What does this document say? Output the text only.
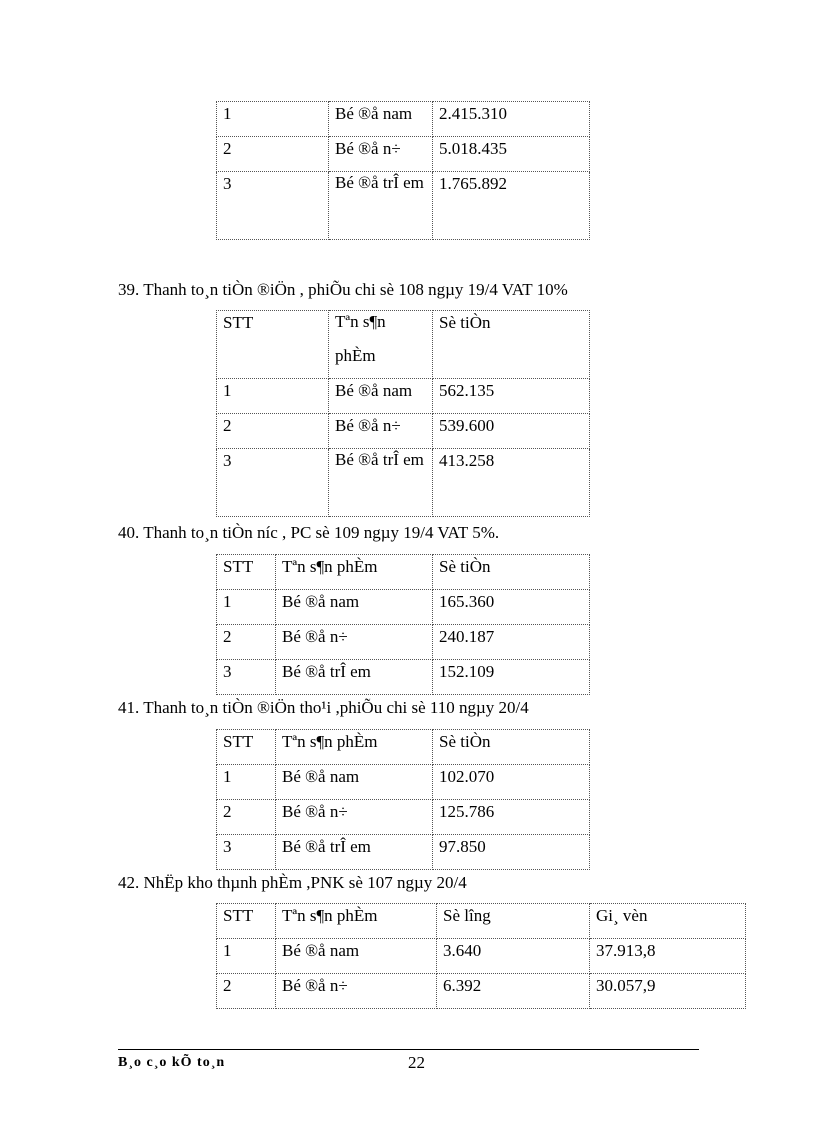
1	Bé ®å nam	2.415.310
2	Bé ®å n÷	5.018.435
3	Bé ®å trÎ em	1.765.892
39. Thanh to¸n tiÒn ®iÖn , phiÕu chi sè 108 ngµy 19/4 VAT 10%
STT	Tªn s¶n phÈm	Sè tiÒn
1	Bé ®å nam	562.135
2	Bé ®å n÷	539.600
3	Bé ®å trÎ em	413.258
40. Thanh to¸n tiÒn níc , PC sè 109 ngµy 19/4 VAT 5%.
STT	Tªn s¶n phÈm	Sè tiÒn
1	Bé ®å nam	165.360
2	Bé ®å n÷	240.187
3	Bé ®å trÎ em	152.109
41. Thanh to¸n tiÒn ®iÖn tho¹i ,phiÕu chi sè 110 ngµy 20/4
STT	Tªn s¶n phÈm	Sè tiÒn
1	Bé ®å nam	102.070
2	Bé ®å n÷	125.786
3	Bé ®å trÎ em	97.850
42. NhËp kho thµnh phÈm ,PNK sè 107 ngµy 20/4
STT	Tªn s¶n phÈm	Sè lîng	Gi¸ vèn
1	Bé ®å nam	3.640	37.913,8
2	Bé ®å n÷	6.392	30.057,9
B¸o c¸o kÕ to¸n	22
